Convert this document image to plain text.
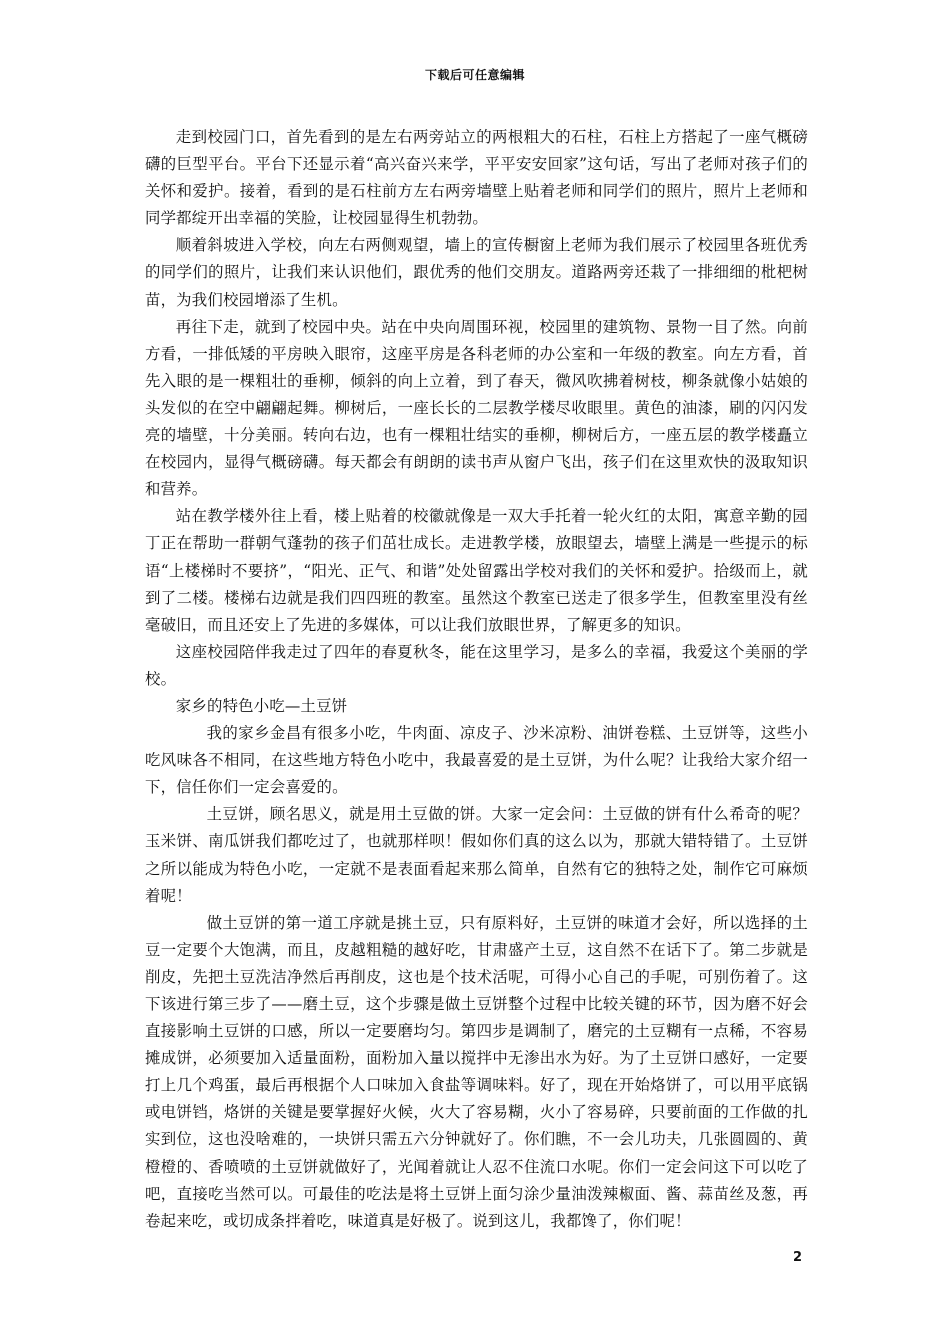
下载后可任意编辑

走到校园门口，首先看到的是左右两旁站立的两根粗大的石柱，石柱上方搭起了一座气概磅礴的巨型平台。平台下还显示着“高兴奋兴来学，平平安安回家”这句话，写出了老师对孩子们的关怀和爱护。接着，看到的是石柱前方左右两旁墙壁上贴着老师和同学们的照片，照片上老师和同学都绽开出幸福的笑脸，让校园显得生机勃勃。

顺着斜坡进入学校，向左右两侧观望，墙上的宣传橱窗上老师为我们展示了校园里各班优秀的同学们的照片，让我们来认识他们，跟优秀的他们交朋友。道路两旁还栽了一排细细的枇杷树苗，为我们校园增添了生机。

再往下走，就到了校园中央。站在中央向周围环视，校园里的建筑物、景物一目了然。向前方看，一排低矮的平房映入眼帘，这座平房是各科老师的办公室和一年级的教室。向左方看，首先入眼的是一棵粗壮的垂柳，倾斜的向上立着，到了春天，微风吹拂着树枝，柳条就像小姑娘的头发似的在空中翩翩起舞。柳树后，一座长长的二层教学楼尽收眼里。黄色的油漆，刷的闪闪发亮的墙壁，十分美丽。转向右边，也有一棵粗壮结实的垂柳，柳树后方，一座五层的教学楼矗立在校园内，显得气概磅礴。每天都会有朗朗的读书声从窗户飞出，孩子们在这里欢快的汲取知识和营养。

站在教学楼外往上看，楼上贴着的校徽就像是一双大手托着一轮火红的太阳，寓意辛勤的园丁正在帮助一群朝气蓬勃的孩子们茁壮成长。走进教学楼，放眼望去，墙壁上满是一些提示的标语“上楼梯时不要挤”，“阳光、正气、和谐”处处留露出学校对我们的关怀和爱护。拾级而上，就到了二楼。楼梯右边就是我们四四班的教室。虽然这个教室已送走了很多学生，但教室里没有丝毫破旧，而且还安上了先进的多媒体，可以让我们放眼世界，了解更多的知识。

这座校园陪伴我走过了四年的春夏秋冬，能在这里学习，是多么的幸福，我爱这个美丽的学校。

家乡的特色小吃—土豆饼

我的家乡金昌有很多小吃，牛肉面、凉皮子、沙米凉粉、油饼卷糕、土豆饼等，这些小吃风味各不相同，在这些地方特色小吃中，我最喜爱的是土豆饼，为什么呢？让我给大家介绍一下，信任你们一定会喜爱的。

土豆饼，顾名思义，就是用土豆做的饼。大家一定会问：土豆做的饼有什么希奇的呢？玉米饼、南瓜饼我们都吃过了，也就那样呗！假如你们真的这么以为，那就大错特错了。土豆饼之所以能成为特色小吃，一定就不是表面看起来那么简单，自然有它的独特之处，制作它可麻烦着呢！

做土豆饼的第一道工序就是挑土豆，只有原料好，土豆饼的味道才会好，所以选择的土豆一定要个大饱满，而且，皮越粗糙的越好吃，甘肃盛产土豆，这自然不在话下了。第二步就是削皮，先把土豆洗洁净然后再削皮，这也是个技术活呢，可得小心自己的手呢，可别伤着了。这下该进行第三步了——磨土豆，这个步骤是做土豆饼整个过程中比较关键的环节，因为磨不好会直接影响土豆饼的口感，所以一定要磨均匀。第四步是调制了，磨完的土豆糊有一点稀，不容易摊成饼，必须要加入适量面粉，面粉加入量以搅拌中无渗出水为好。为了土豆饼口感好，一定要打上几个鸡蛋，最后再根据个人口味加入食盐等调味料。好了，现在开始烙饼了，可以用平底锅或电饼铛，烙饼的关键是要掌握好火候，火大了容易糊，火小了容易碎，只要前面的工作做的扎实到位，这也没啥难的，一块饼只需五六分钟就好了。你们瞧，不一会儿功夫，几张圆圆的、黄橙橙的、香喷喷的土豆饼就做好了，光闻着就让人忍不住流口水呢。你们一定会问这下可以吃了吧，直接吃当然可以。可最佳的吃法是将土豆饼上面匀涂少量油泼辣椒面、酱、蒜苗丝及葱，再卷起来吃，或切成条拌着吃，味道真是好极了。说到这儿，我都馋了，你们呢！

2
